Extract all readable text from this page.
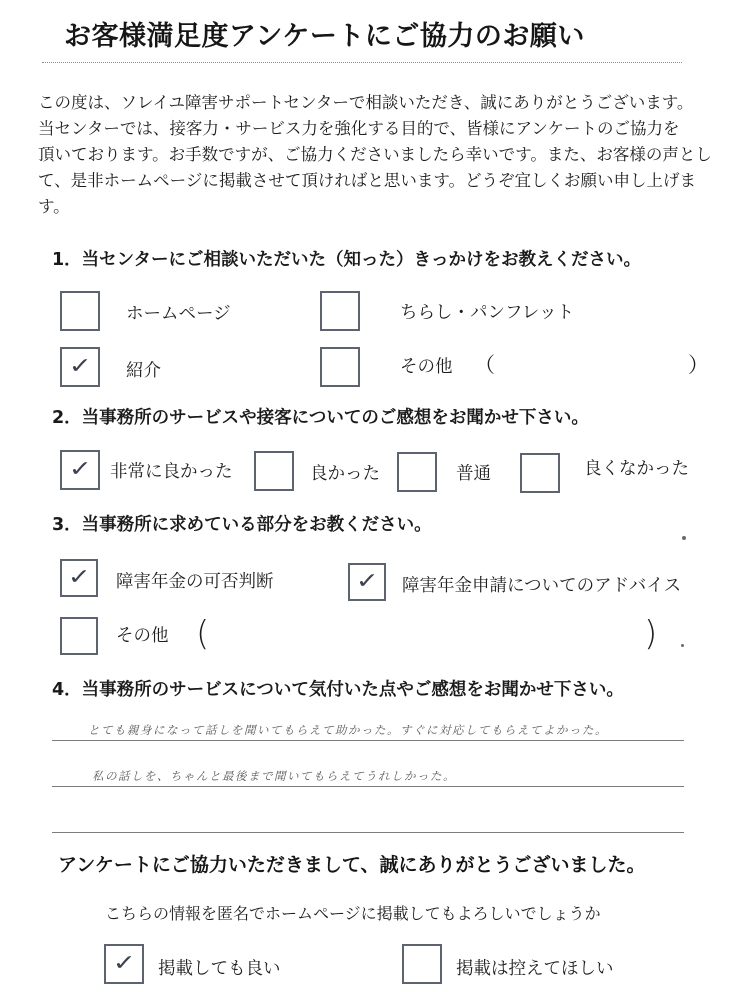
お客様満足度アンケートにご協力のお願い
この度は、ソレイユ障害サポートセンターで相談いただき、誠にありがとうございます。
当センターでは、接客力・サービス力を強化する目的で、皆様にアンケートのご協力を
頂いております。お手数ですが、ご協力くださいましたら幸いです。また、お客様の声とし
て、是非ホームページに掲載させて頂ければと思います。どうぞ宜しくお願い申し上げま
す。
1．当センターにご相談いただいた（知った）きっかけをお教えください。
ホームページ	ちらし・パンフレット
✓ 紹介	その他 （	）
2．当事務所のサービスや接客についてのご感想をお聞かせ下さい。
✓ 非常に良かった	良かった	普通	良くなかった
3．当事務所に求めている部分をお教ください。
✓ 障害年金の可否判断	✓ 障害年金申請についてのアドバイス
その他 (	)
4．当事務所のサービスについて気付いた点やご感想をお聞かせ下さい。
とても親身になって話しを聞いてもらえて助かった。すぐに対応してもらえてよかった。
私の話しを、ちゃんと最後まで聞いてもらえてうれしかった。
アンケートにご協力いただきまして、誠にありがとうございました。
こちらの情報を匿名でホームページに掲載してもよろしいでしょうか
✓ 掲載しても良い	掲載は控えてほしい
